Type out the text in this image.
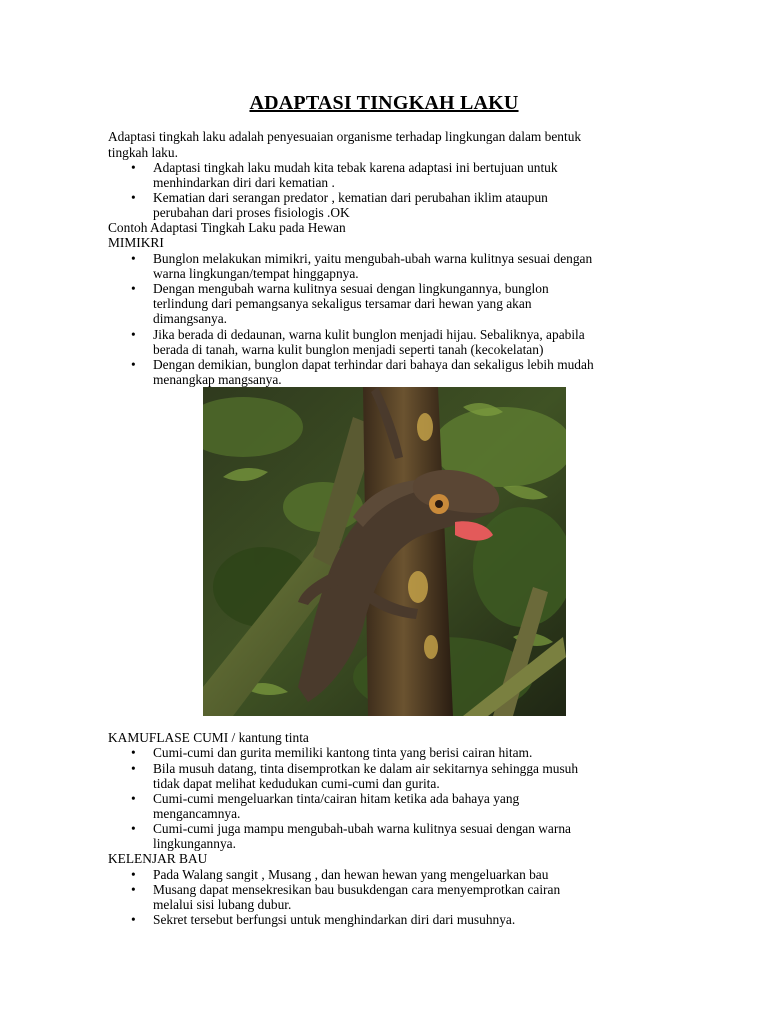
ADAPTASI TINGKAH LAKU
Adaptasi tingkah laku adalah penyesuaian organisme terhadap lingkungan dalam bentuk
tingkah laku.
• Adaptasi tingkah laku mudah kita tebak karena adaptasi ini bertujuan untuk
menhindarkan diri dari kematian .
• Kematian dari serangan predator , kematian dari perubahan iklim ataupun
perubahan dari proses fisiologis .OK
Contoh Adaptasi Tingkah Laku pada Hewan
MIMIKRI
• Bunglon melakukan mimikri, yaitu mengubah-ubah warna kulitnya sesuai dengan
warna lingkungan/tempat hinggapnya.
• Dengan mengubah warna kulitnya sesuai dengan lingkungannya, bunglon
terlindung dari pemangsanya sekaligus tersamar dari hewan yang akan
dimangsanya.
• Jika berada di dedaunan, warna kulit bunglon menjadi hijau. Sebaliknya, apabila
berada di tanah, warna kulit bunglon menjadi seperti tanah (kecokelatan)
• Dengan demikian, bunglon dapat terhindar dari bahaya dan sekaligus lebih mudah
menangkap mangsanya.
KAMUFLASE CUMI / kantung tinta
• Cumi-cumi dan gurita memiliki kantong tinta yang berisi cairan hitam.
• Bila musuh datang, tinta disemprotkan ke dalam air sekitarnya sehingga musuh
tidak dapat melihat kedudukan cumi-cumi dan gurita.
• Cumi-cumi mengeluarkan tinta/cairan hitam ketika ada bahaya yang
mengancamnya.
• Cumi-cumi juga mampu mengubah-ubah warna kulitnya sesuai dengan warna
lingkungannya.
KELENJAR BAU
• Pada Walang sangit , Musang , dan hewan hewan yang mengeluarkan bau
• Musang dapat mensekresikan bau busukdengan cara menyemprotkan cairan
melalui sisi lubang dubur.
• Sekret tersebut berfungsi untuk menghindarkan diri dari musuhnya.
